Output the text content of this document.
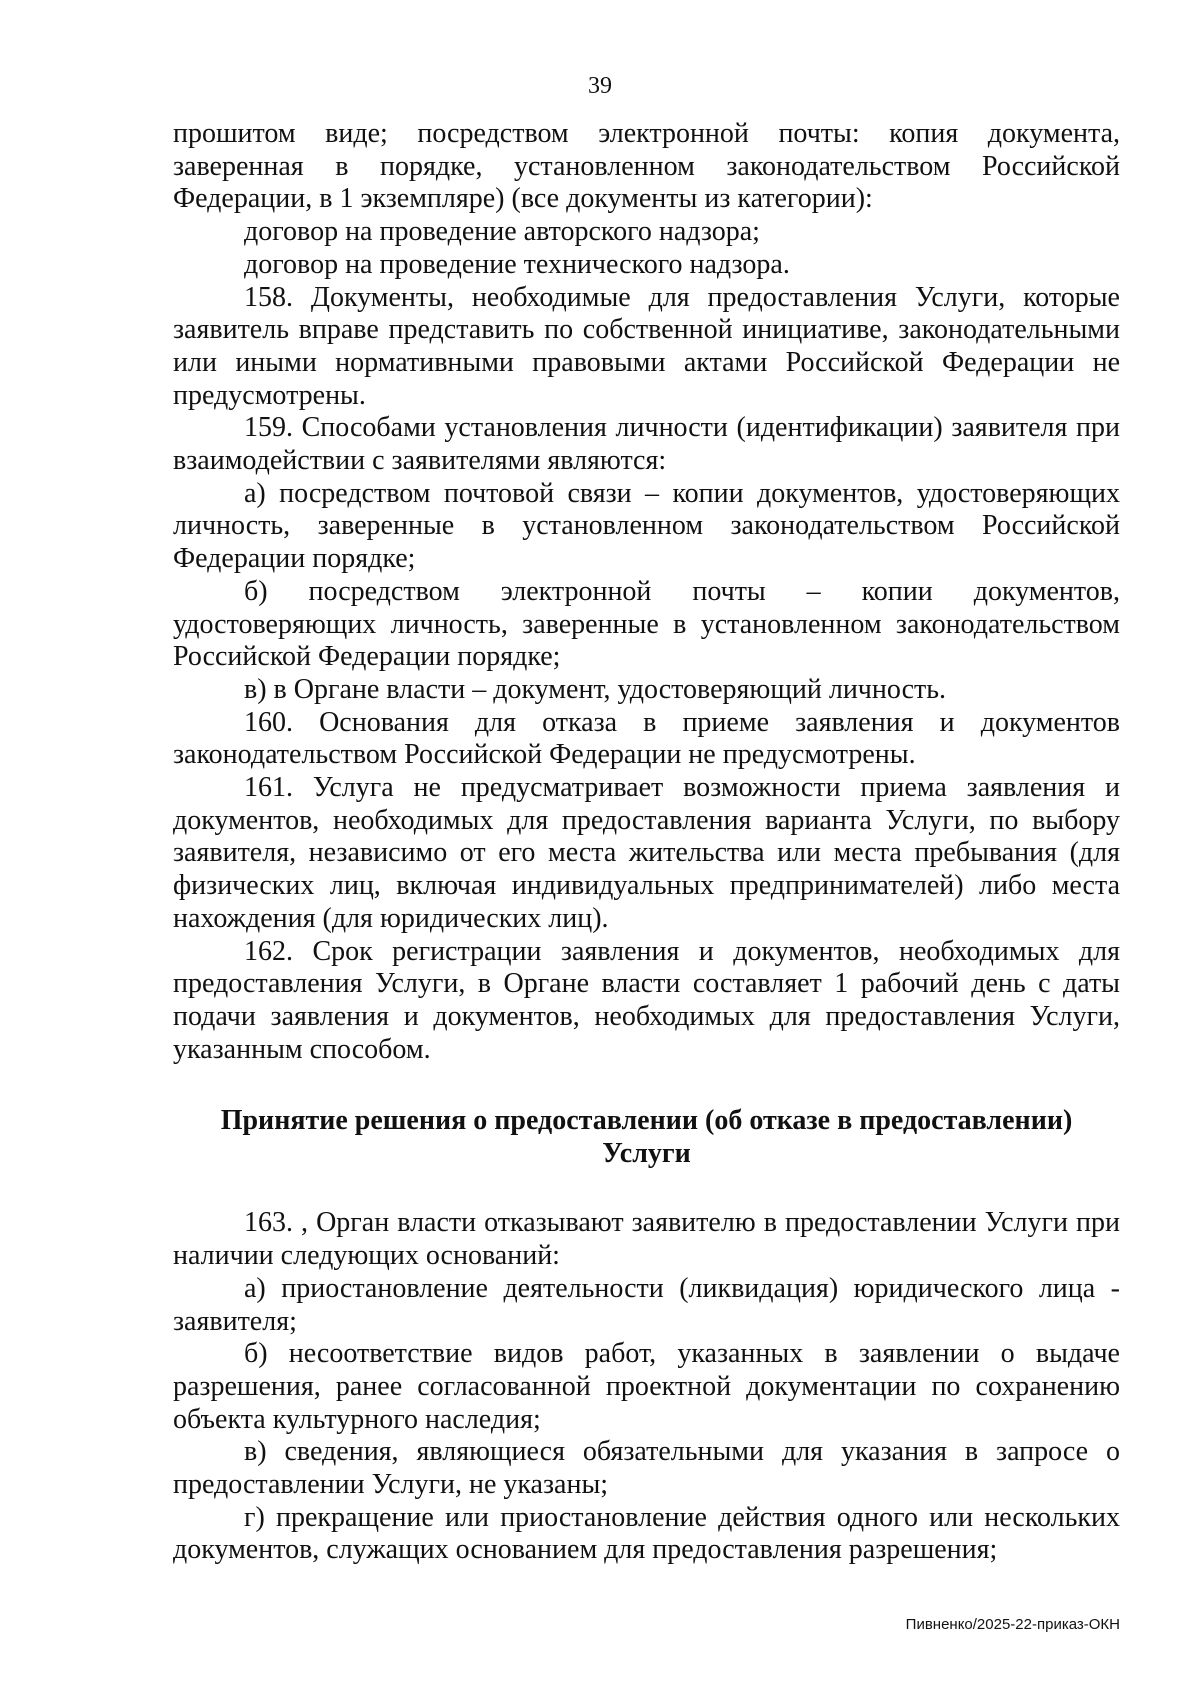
39

прошитом виде; посредством электронной почты: копия документа, заверенная в порядке, установленном законодательством Российской Федерации, в 1 экземпляре) (все документы из категории):

договор на проведение авторского надзора;

договор на проведение технического надзора.

158. Документы, необходимые для предоставления Услуги, которые заявитель вправе представить по собственной инициативе, законодательными или иными нормативными правовыми актами Российской Федерации не предусмотрены.

159. Способами установления личности (идентификации) заявителя при взаимодействии с заявителями являются:

а) посредством почтовой связи – копии документов, удостоверяющих личность, заверенные в установленном законодательством Российской Федерации порядке;

б) посредством электронной почты – копии документов, удостоверяющих личность, заверенные в установленном законодательством Российской Федерации порядке;

в) в Органе власти – документ, удостоверяющий личность.

160. Основания для отказа в приеме заявления и документов законодательством Российской Федерации не предусмотрены.

161. Услуга не предусматривает возможности приема заявления и документов, необходимых для предоставления варианта Услуги, по выбору заявителя, независимо от его места жительства или места пребывания (для физических лиц, включая индивидуальных предпринимателей) либо места нахождения (для юридических лиц).

162. Срок регистрации заявления и документов, необходимых для предоставления Услуги, в Органе власти составляет 1 рабочий день с даты подачи заявления и документов, необходимых для предоставления Услуги, указанным способом.

Принятие решения о предоставлении (об отказе в предоставлении)
Услуги

163. , Орган власти отказывают заявителю в предоставлении Услуги при наличии следующих оснований:

а) приостановление деятельности (ликвидация) юридического лица - заявителя;

б) несоответствие видов работ, указанных в заявлении о выдаче разрешения, ранее согласованной проектной документации по сохранению объекта культурного наследия;

в) сведения, являющиеся обязательными для указания в запросе о предоставлении Услуги, не указаны;

г) прекращение или приостановление действия одного или нескольких документов, служащих основанием для предоставления разрешения;

Пивненко/2025-22-приказ-ОКН
